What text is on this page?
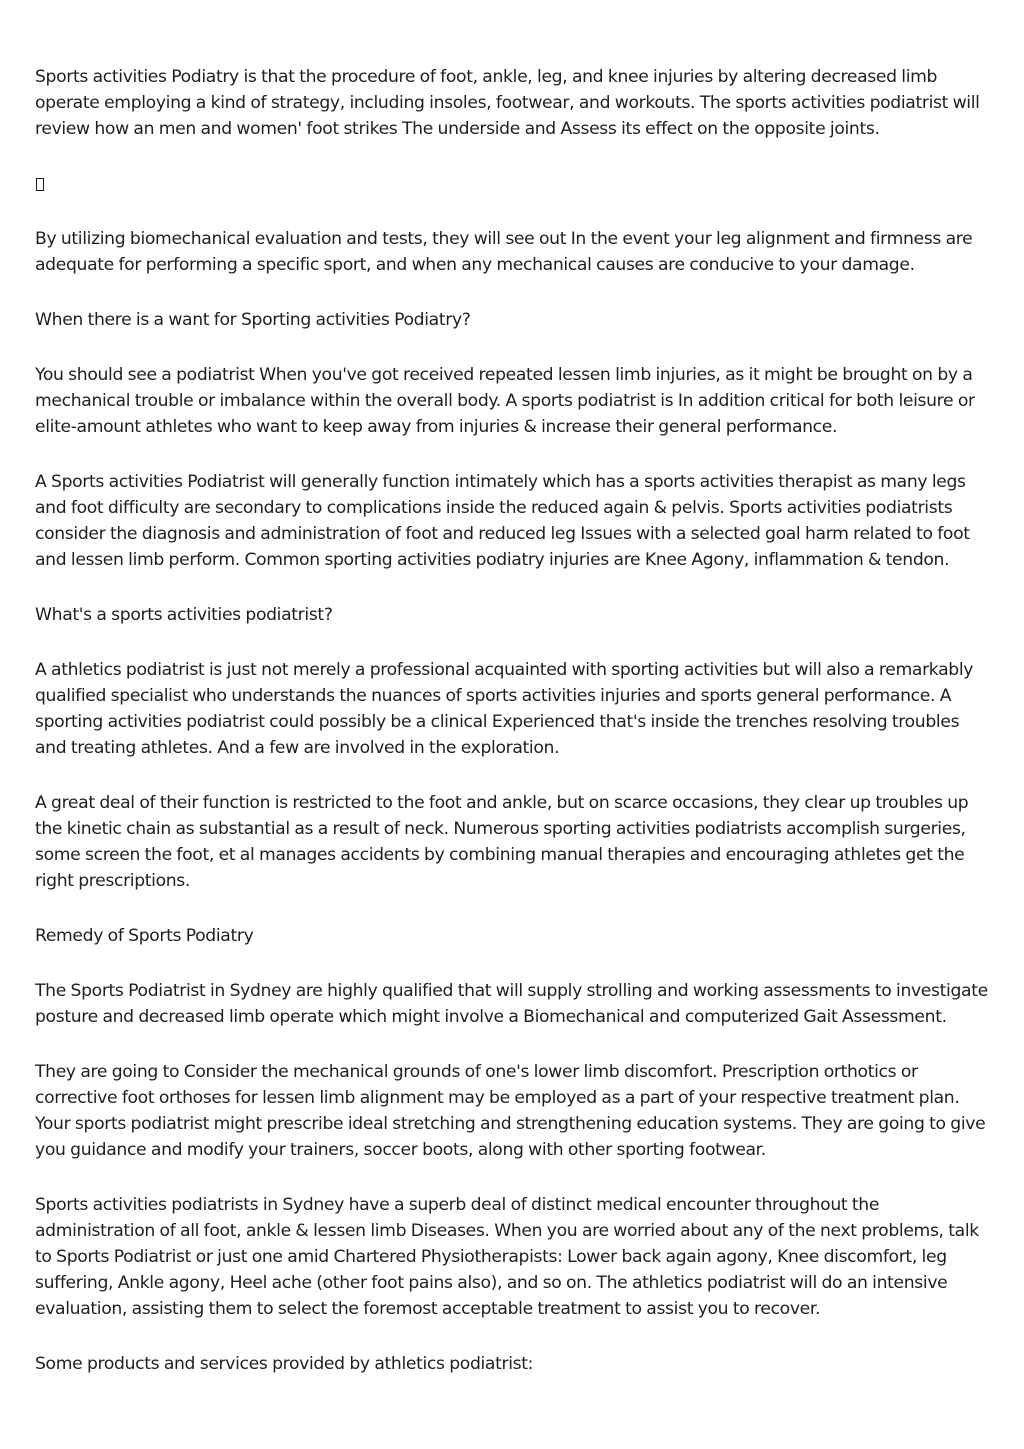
Sports activities Podiatry is that the procedure of foot, ankle, leg, and knee injuries by altering decreased limb operate employing a kind of strategy, including insoles, footwear, and workouts. The sports activities podiatrist will review how an men and women' foot strikes The underside and Assess its effect on the opposite joints.

By utilizing biomechanical evaluation and tests, they will see out In the event your leg alignment and firmness are adequate for performing a specific sport, and when any mechanical causes are conducive to your damage.

When there is a want for Sporting activities Podiatry?

You should see a podiatrist When you've got received repeated lessen limb injuries, as it might be brought on by a mechanical trouble or imbalance within the overall body. A sports podiatrist is In addition critical for both leisure or elite-amount athletes who want to keep away from injuries & increase their general performance.

A Sports activities Podiatrist will generally function intimately which has a sports activities therapist as many legs and foot difficulty are secondary to complications inside the reduced again & pelvis. Sports activities podiatrists consider the diagnosis and administration of foot and reduced leg Issues with a selected goal harm related to foot and lessen limb perform. Common sporting activities podiatry injuries are Knee Agony, inflammation & tendon.

What's a sports activities podiatrist?

A athletics podiatrist is just not merely a professional acquainted with sporting activities but will also a remarkably qualified specialist who understands the nuances of sports activities injuries and sports general performance. A sporting activities podiatrist could possibly be a clinical Experienced that's inside the trenches resolving troubles and treating athletes. And a few are involved in the exploration.

A great deal of their function is restricted to the foot and ankle, but on scarce occasions, they clear up troubles up the kinetic chain as substantial as a result of neck. Numerous sporting activities podiatrists accomplish surgeries, some screen the foot, et al manages accidents by combining manual therapies and encouraging athletes get the right prescriptions.

Remedy of Sports Podiatry

The Sports Podiatrist in Sydney are highly qualified that will supply strolling and working assessments to investigate posture and decreased limb operate which might involve a Biomechanical and computerized Gait Assessment.

They are going to Consider the mechanical grounds of one's lower limb discomfort. Prescription orthotics or corrective foot orthoses for lessen limb alignment may be employed as a part of your respective treatment plan. Your sports podiatrist might prescribe ideal stretching and strengthening education systems. They are going to give you guidance and modify your trainers, soccer boots, along with other sporting footwear.

Sports activities podiatrists in Sydney have a superb deal of distinct medical encounter throughout the administration of all foot, ankle & lessen limb Diseases. When you are worried about any of the next problems, talk to Sports Podiatrist or just one amid Chartered Physiotherapists: Lower back again agony, Knee discomfort, leg suffering, Ankle agony, Heel ache (other foot pains also), and so on. The athletics podiatrist will do an intensive evaluation, assisting them to select the foremost acceptable treatment to assist you to recover.

Some products and services provided by athletics podiatrist:
